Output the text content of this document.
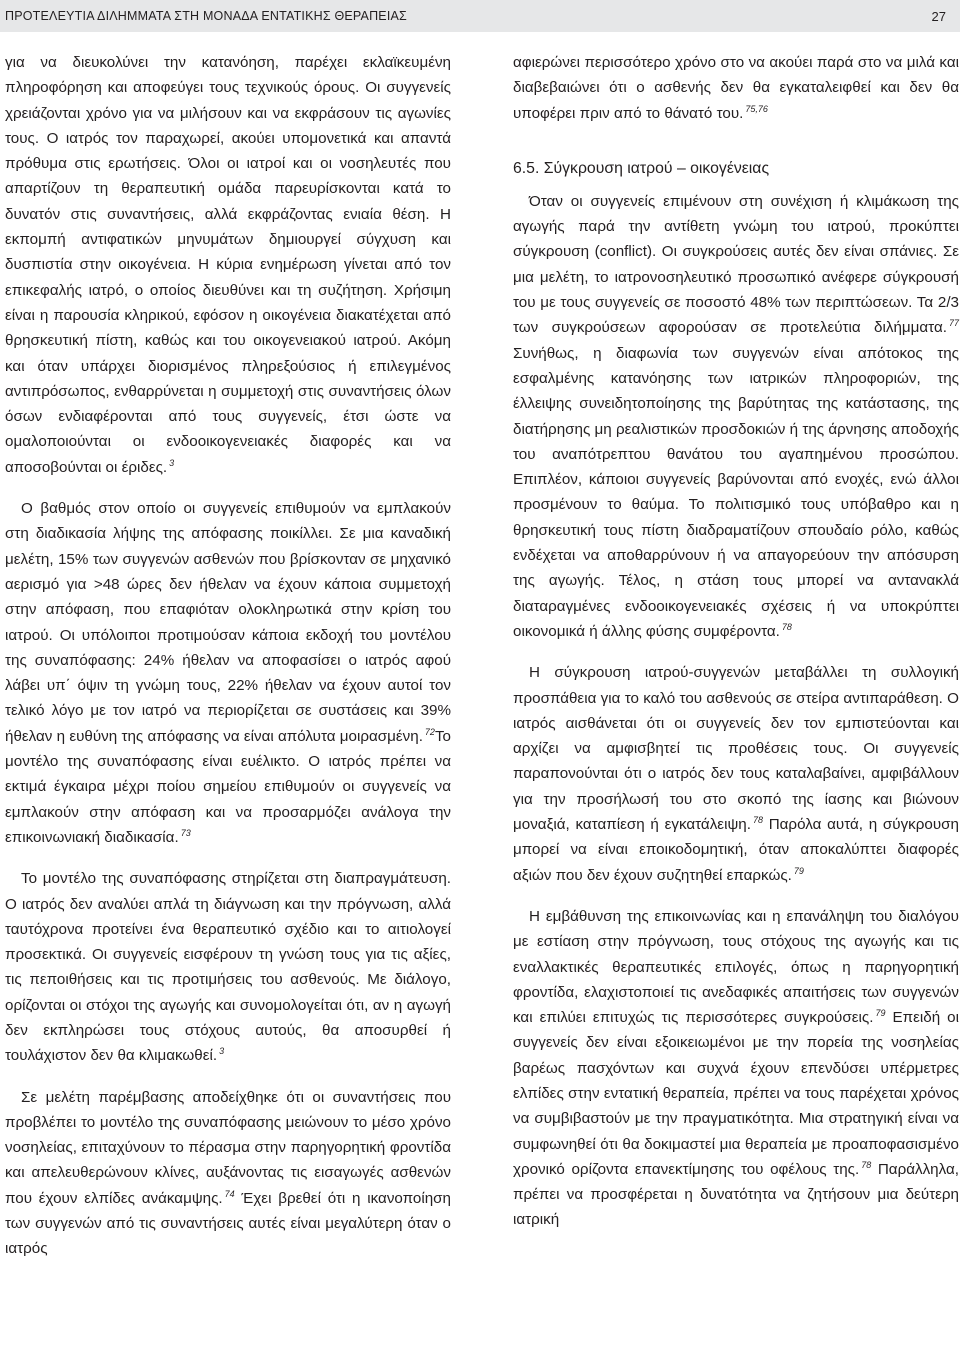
ΠΡΟΤΕΛΕΥΤΙΑ ΔΙΛΗΜΜΑΤΑ ΣΤΗ ΜΟΝΑΔΑ ΕΝΤΑΤΙΚΗΣ ΘΕΡΑΠΕΙΑΣ	27

για να διευκολύνει την κατανόηση, παρέχει εκλαϊκευμένη πληροφόρηση και αποφεύγει τους τεχνικούς όρους. Οι συγγενείς χρειάζονται χρόνο για να μιλήσουν και να εκφράσουν τις αγωνίες τους. Ο ιατρός τον παραχωρεί, ακούει υπομονετικά και απαντά πρόθυμα στις ερωτήσεις. Όλοι οι ιατροί και οι νοσηλευτές που απαρτίζουν τη θεραπευτική ομάδα παρευρίσκονται κατά το δυνατόν στις συναντήσεις, αλλά εκφράζοντας ενιαία θέση. Η εκπομπή αντιφατικών μηνυμάτων δημιουργεί σύγχυση και δυσπιστία στην οικογένεια. Η κύρια ενημέρωση γίνεται από τον επικεφαλής ιατρό, ο οποίος διευθύνει και τη συζήτηση. Χρήσιμη είναι η παρουσία κληρικού, εφόσον η οικογένεια διακατέχεται από θρησκευτική πίστη, καθώς και του οικογενειακού ιατρού. Ακόμη και όταν υπάρχει διορισμένος πληρεξούσιος ή επιλεγμένος αντιπρόσωπος, ενθαρρύνεται η συμμετοχή στις συναντήσεις όλων όσων ενδιαφέρονται από τους συγγενείς, έτσι ώστε να ομαλοποιούνται οι ενδοοικογενειακές διαφορές και να αποσοβούνται οι έριδες. $^3$

Ο βαθμός στον οποίο οι συγγενείς επιθυμούν να εμπλακούν στη διαδικασία λήψης της απόφασης ποικίλλει. Σε μια καναδική μελέτη, 15% των συγγενών ασθενών που βρίσκονταν σε μηχανικό αερισμό για >48 ώρες δεν ήθελαν να έχουν κάποια συμμετοχή στην απόφαση, που επαφιόταν ολοκληρωτικά στην κρίση του ιατρού. Οι υπόλοιποι προτιμούσαν κάποια εκδοχή του μοντέλου της συναπόφασης: 24% ήθελαν να αποφασίσει ο ιατρός αφού λάβει υπ΄ όψιν τη γνώμη τους, 22% ήθελαν να έχουν αυτοί τον τελικό λόγο με τον ιατρό να περιορίζεται σε συστάσεις και 39% ήθελαν η ευθύνη της απόφασης να είναι απόλυτα μοιρασμένη. $^{72}$Το μοντέλο της συναπόφασης είναι ευέλικτο. Ο ιατρός πρέπει να εκτιμά έγκαιρα μέχρι ποίου σημείου επιθυμούν οι συγγενείς να εμπλακούν στην απόφαση και να προσαρμόζει ανάλογα την επικοινωνιακή διαδικασία. $^{73}$

Το μοντέλο της συναπόφασης στηρίζεται στη διαπραγμάτευση. Ο ιατρός δεν αναλύει απλά τη διάγνωση και την πρόγνωση, αλλά ταυτόχρονα προτείνει ένα θεραπευτικό σχέδιο και το αιτιολογεί προσεκτικά. Οι συγγενείς εισφέρουν τη γνώση τους για τις αξίες, τις πεποιθήσεις και τις προτιμήσεις του ασθενούς. Με διάλογο, ορίζονται οι στόχοι της αγωγής και συνομολογείται ότι, αν η αγωγή δεν εκπληρώσει τους στόχους αυτούς, θα αποσυρθεί ή τουλάχιστον δεν θα κλιμακωθεί. $^3$

Σε μελέτη παρέμβασης αποδείχθηκε ότι οι συναντήσεις που προβλέπει το μοντέλο της συναπόφασης μειώνουν το μέσο χρόνο νοσηλείας, επιταχύνουν το πέρασμα στην παρηγορητική φροντίδα και απελευθερώνουν κλίνες, αυξάνοντας τις εισαγωγές ασθενών που έχουν ελπίδες ανάκαμψης. $^{74}$ Έχει βρεθεί ότι η ικανοποίηση των συγγενών από τις συναντήσεις αυτές είναι μεγαλύτερη όταν ο ιατρός

αφιερώνει περισσότερο χρόνο στο να ακούει παρά στο να μιλά και διαβεβαιώνει ότι ο ασθενής δεν θα εγκαταλειφθεί και δεν θα υποφέρει πριν από το θάνατό του. $^{75,76}$

6.5. Σύγκρουση ιατρού – οικογένειας

Όταν οι συγγενείς επιμένουν στη συνέχιση ή κλιμάκωση της αγωγής παρά την αντίθετη γνώμη του ιατρού, προκύπτει σύγκρουση (conflict). Οι συγκρούσεις αυτές δεν είναι σπάνιες. Σε μια μελέτη, το ιατρονοσηλευτικό προσωπικό ανέφερε σύγκρουσή του με τους συγγενείς σε ποσοστό 48% των περιπτώσεων. Τα 2/3 των συγκρούσεων αφορούσαν σε προτελεύτια διλήμματα. $^{77}$ Συνήθως, η διαφωνία των συγγενών είναι απότοκος της εσφαλμένης κατανόησης των ιατρικών πληροφοριών, της έλλειψης συνειδητοποίησης της βαρύτητας της κατάστασης, της διατήρησης μη ρεαλιστικών προσδοκιών ή της άρνησης αποδοχής του αναπότρεπτου θανάτου του αγαπημένου προσώπου. Επιπλέον, κάποιοι συγγενείς βαρύνονται από ενοχές, ενώ άλλοι προσμένουν το θαύμα. Το πολιτισμικό τους υπόβαθρο και η θρησκευτική τους πίστη διαδραματίζουν σπουδαίο ρόλο, καθώς ενδέχεται να αποθαρρύνουν ή να απαγορεύουν την απόσυρση της αγωγής. Τέλος, η στάση τους μπορεί να αντανακλά διαταραγμένες ενδοοικογενειακές σχέσεις ή να υποκρύπτει οικονομικά ή άλλης φύσης συμφέροντα. $^{78}$

Η σύγκρουση ιατρού-συγγενών μεταβάλλει τη συλλογική προσπάθεια για το καλό του ασθενούς σε στείρα αντιπαράθεση. Ο ιατρός αισθάνεται ότι οι συγγενείς δεν τον εμπιστεύονται και αρχίζει να αμφισβητεί τις προθέσεις τους. Οι συγγενείς παραπονούνται ότι ο ιατρός δεν τους καταλαβαίνει, αμφιβάλλουν για την προσήλωσή του στο σκοπό της ίασης και βιώνουν μοναξιά, καταπίεση ή εγκατάλειψη. $^{78}$ Παρόλα αυτά, η σύγκρουση μπορεί να είναι εποικοδομητική, όταν αποκαλύπτει διαφορές αξιών που δεν έχουν συζητηθεί επαρκώς. $^{79}$

Η εμβάθυνση της επικοινωνίας και η επανάληψη του διαλόγου με εστίαση στην πρόγνωση, τους στόχους της αγωγής και τις εναλλακτικές θεραπευτικές επιλογές, όπως η παρηγορητική φροντίδα, ελαχιστοποιεί τις ανεδαφικές απαιτήσεις των συγγενών και επιλύει επιτυχώς τις περισσότερες συγκρούσεις. $^{79}$ Επειδή οι συγγενείς δεν είναι εξοικειωμένοι με την πορεία της νοσηλείας βαρέως πασχόντων και συχνά έχουν επενδύσει υπέρμετρες ελπίδες στην εντατική θεραπεία, πρέπει να τους παρέχεται χρόνος να συμβιβαστούν με την πραγματικότητα. Μια στρατηγική είναι να συμφωνηθεί ότι θα δοκιμαστεί μια θεραπεία με προαποφασισμένο χρονικό ορίζοντα επανεκτίμησης του οφέλους της. $^{78}$ Παράλληλα, πρέπει να προσφέρεται η δυνατότητα να ζητήσουν μια δεύτερη ιατρική
